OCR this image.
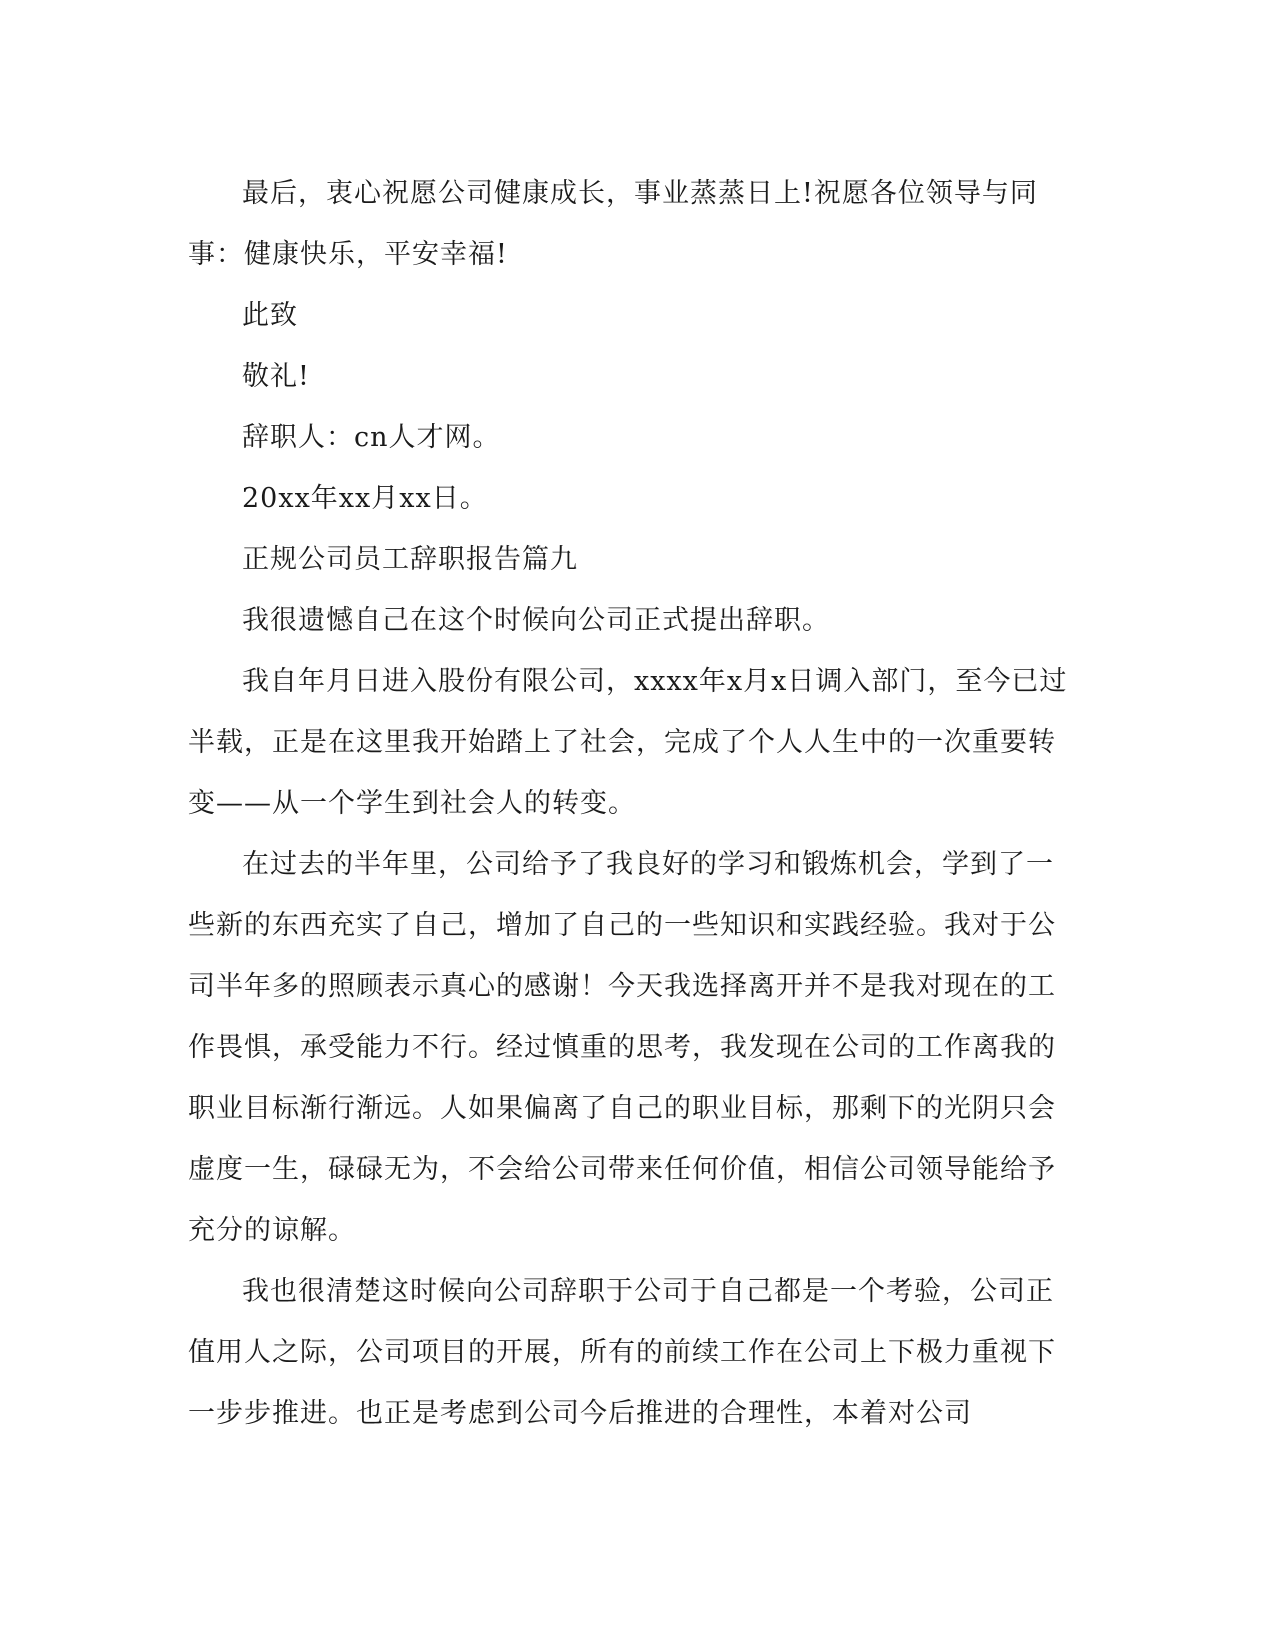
最后，衷心祝愿公司健康成长，事业蒸蒸日上!祝愿各位领导与同事：健康快乐，平安幸福!

此致

敬礼!

辞职人：cn人才网。

20xx年xx月xx日。

正规公司员工辞职报告篇九

我很遗憾自己在这个时候向公司正式提出辞职。

我自年月日进入股份有限公司，xxxx年x月x日调入部门，至今已过半载，正是在这里我开始踏上了社会，完成了个人人生中的一次重要转变——从一个学生到社会人的转变。

在过去的半年里，公司给予了我良好的学习和锻炼机会，学到了一些新的东西充实了自己，增加了自己的一些知识和实践经验。我对于公司半年多的照顾表示真心的感谢！今天我选择离开并不是我对现在的工作畏惧，承受能力不行。经过慎重的思考，我发现在公司的工作离我的职业目标渐行渐远。人如果偏离了自己的职业目标，那剩下的光阴只会虚度一生，碌碌无为，不会给公司带来任何价值，相信公司领导能给予充分的谅解。

我也很清楚这时候向公司辞职于公司于自己都是一个考验，公司正值用人之际，公司项目的开展，所有的前续工作在公司上下极力重视下一步步推进。也正是考虑到公司今后推进的合理性，本着对公司
